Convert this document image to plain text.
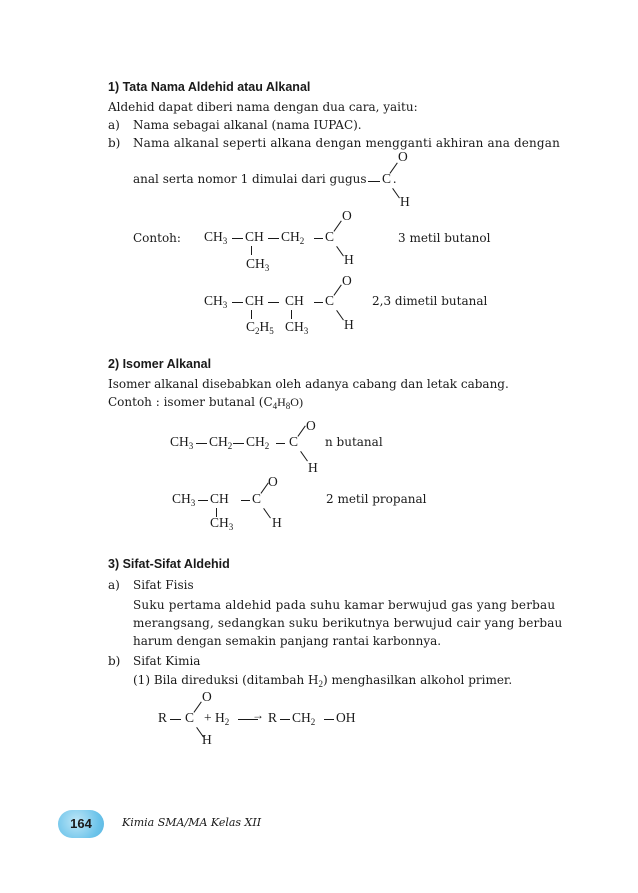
1) Tata Nama Aldehid atau Alkanal
Aldehid dapat diberi nama dengan dua cara, yaitu:
a) Nama sebagai alkanal (nama IUPAC).
b) Nama alkanal seperti alkana dengan mengganti akhiran ana dengan
anal serta nomor 1 dimulai dari gugus C .
O
H
Contoh: $CH_3$ CH $CH_2$ C
O
H
$CH_3$
3 metil butanol
$CH_3$ CH CH C
O
H
$C_2H_5$ $CH_3$
2,3 dimetil butanal
2) Isomer Alkanal
Isomer alkanal disebabkan oleh adanya cabang dan letak cabang.
Contoh : isomer butanal $(C_4H_8O)$
$CH_3$ $CH_2$ $CH_2$ C
O
H
n butanal
$CH_3$ CH C
O
H
$CH_3$
2 metil propanal
3) Sifat-Sifat Aldehid
a) Sifat Fisis
Suku pertama aldehid pada suhu kamar berwujud gas yang berbau
merangsang, sedangkan suku berikutnya berwujud cair yang berbau
harum dengan semakin panjang rantai karbonnya.
b) Sifat Kimia
(1) Bila direduksi (ditambah $H_2$) menghasilkan alkohol primer.
R C
O
H
+ $H_2 \to R$ $CH_2$ OH
164	Kimia SMA/MA Kelas XII
